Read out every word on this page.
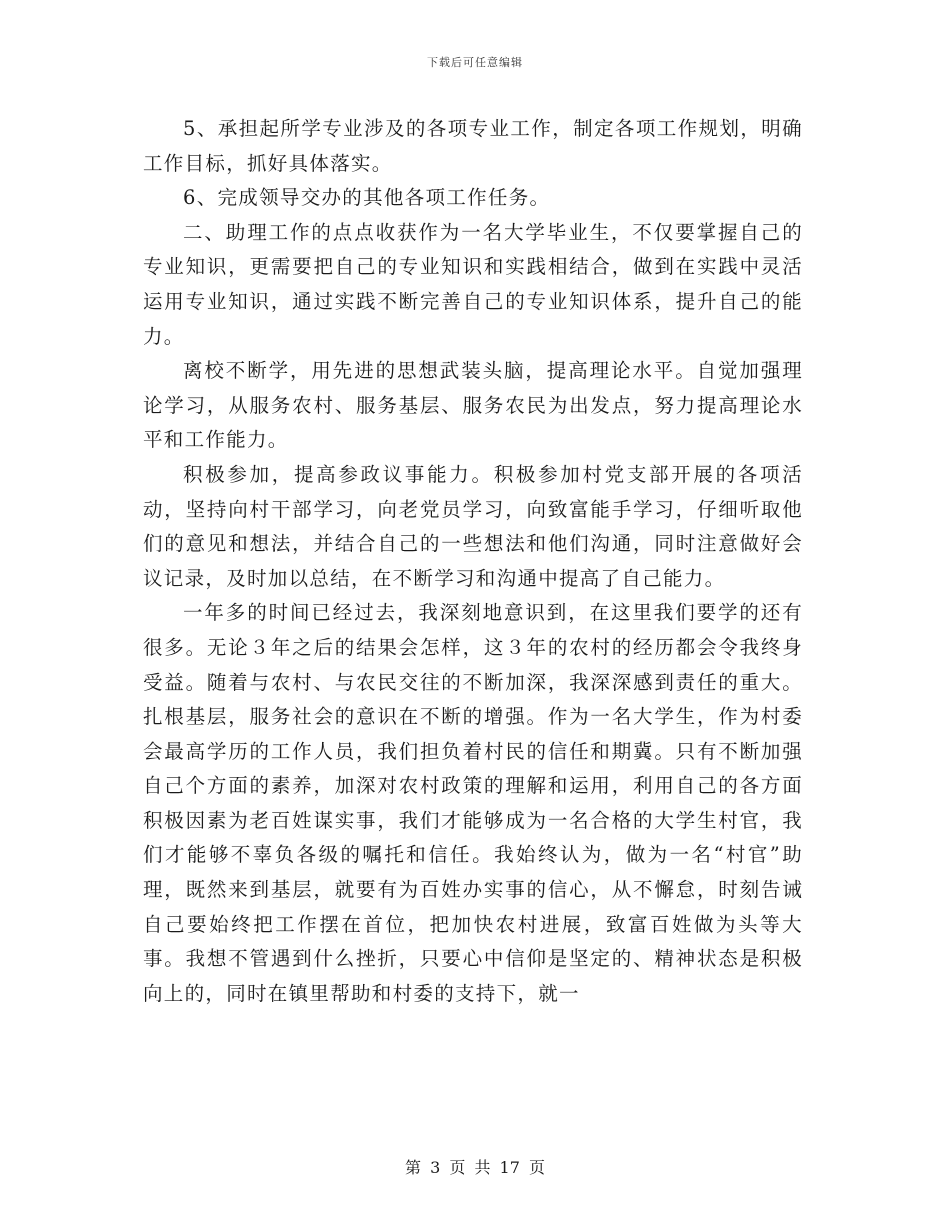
下载后可任意编辑

5、承担起所学专业涉及的各项专业工作，制定各项工作规划，明确工作目标，抓好具体落实。

6、完成领导交办的其他各项工作任务。

二、助理工作的点点收获作为一名大学毕业生，不仅要掌握自己的专业知识，更需要把自己的专业知识和实践相结合，做到在实践中灵活运用专业知识，通过实践不断完善自己的专业知识体系，提升自己的能力。

离校不断学，用先进的思想武装头脑，提高理论水平。自觉加强理论学习，从服务农村、服务基层、服务农民为出发点，努力提高理论水平和工作能力。

积极参加，提高参政议事能力。积极参加村党支部开展的各项活动，坚持向村干部学习，向老党员学习，向致富能手学习，仔细听取他们的意见和想法，并结合自己的一些想法和他们沟通，同时注意做好会议记录，及时加以总结，在不断学习和沟通中提高了自己能力。

一年多的时间已经过去，我深刻地意识到，在这里我们要学的还有很多。无论３年之后的结果会怎样，这３年的农村的经历都会令我终身受益。随着与农村、与农民交往的不断加深，我深深感到责任的重大。扎根基层，服务社会的意识在不断的增强。作为一名大学生，作为村委会最高学历的工作人员，我们担负着村民的信任和期冀。只有不断加强自己个方面的素养，加深对农村政策的理解和运用，利用自己的各方面积极因素为老百姓谋实事，我们才能够成为一名合格的大学生村官，我们才能够不辜负各级的嘱托和信任。我始终认为，做为一名“村官”助理，既然来到基层，就要有为百姓办实事的信心，从不懈怠，时刻告诫自己要始终把工作摆在首位，把加快农村进展，致富百姓做为头等大事。我想不管遇到什么挫折，只要心中信仰是坚定的、精神状态是积极向上的，同时在镇里帮助和村委的支持下，就一

第 3 页 共 17 页
